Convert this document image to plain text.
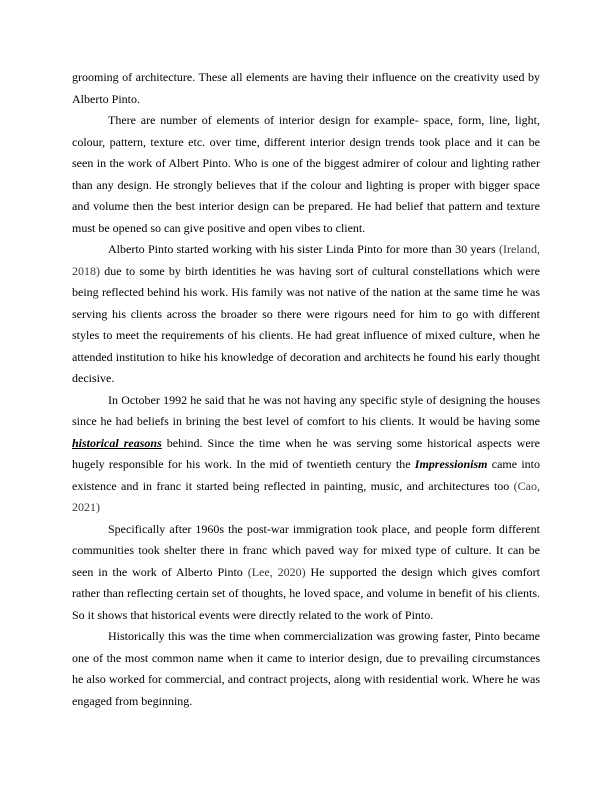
grooming of architecture. These all elements are having their influence on the creativity used by Alberto Pinto.

There are number of elements of interior design for example- space, form, line, light, colour, pattern, texture etc. over time, different interior design trends took place and it can be seen in the work of Albert Pinto. Who is one of the biggest admirer of colour and lighting rather than any design. He strongly believes that if the colour and lighting is proper with bigger space and volume then the best interior design can be prepared. He had belief that pattern and texture must be opened so can give positive and open vibes to client.

Alberto Pinto started working with his sister Linda Pinto for more than 30 years (Ireland, 2018) due to some by birth identities he was having sort of cultural constellations which were being reflected behind his work. His family was not native of the nation at the same time he was serving his clients across the broader so there were rigours need for him to go with different styles to meet the requirements of his clients. He had great influence of mixed culture, when he attended institution to hike his knowledge of decoration and architects he found his early thought decisive.

In October 1992 he said that he was not having any specific style of designing the houses since he had beliefs in brining the best level of comfort to his clients. It would be having some historical reasons behind. Since the time when he was serving some historical aspects were hugely responsible for his work. In the mid of twentieth century the Impressionism came into existence and in franc it started being reflected in painting, music, and architectures too (Cao, 2021)

Specifically after 1960s the post-war immigration took place, and people form different communities took shelter there in franc which paved way for mixed type of culture. It can be seen in the work of Alberto Pinto (Lee, 2020) He supported the design which gives comfort rather than reflecting certain set of thoughts, he loved space, and volume in benefit of his clients. So it shows that historical events were directly related to the work of Pinto.

Historically this was the time when commercialization was growing faster, Pinto became one of the most common name when it came to interior design, due to prevailing circumstances he also worked for commercial, and contract projects, along with residential work. Where he was engaged from beginning.
